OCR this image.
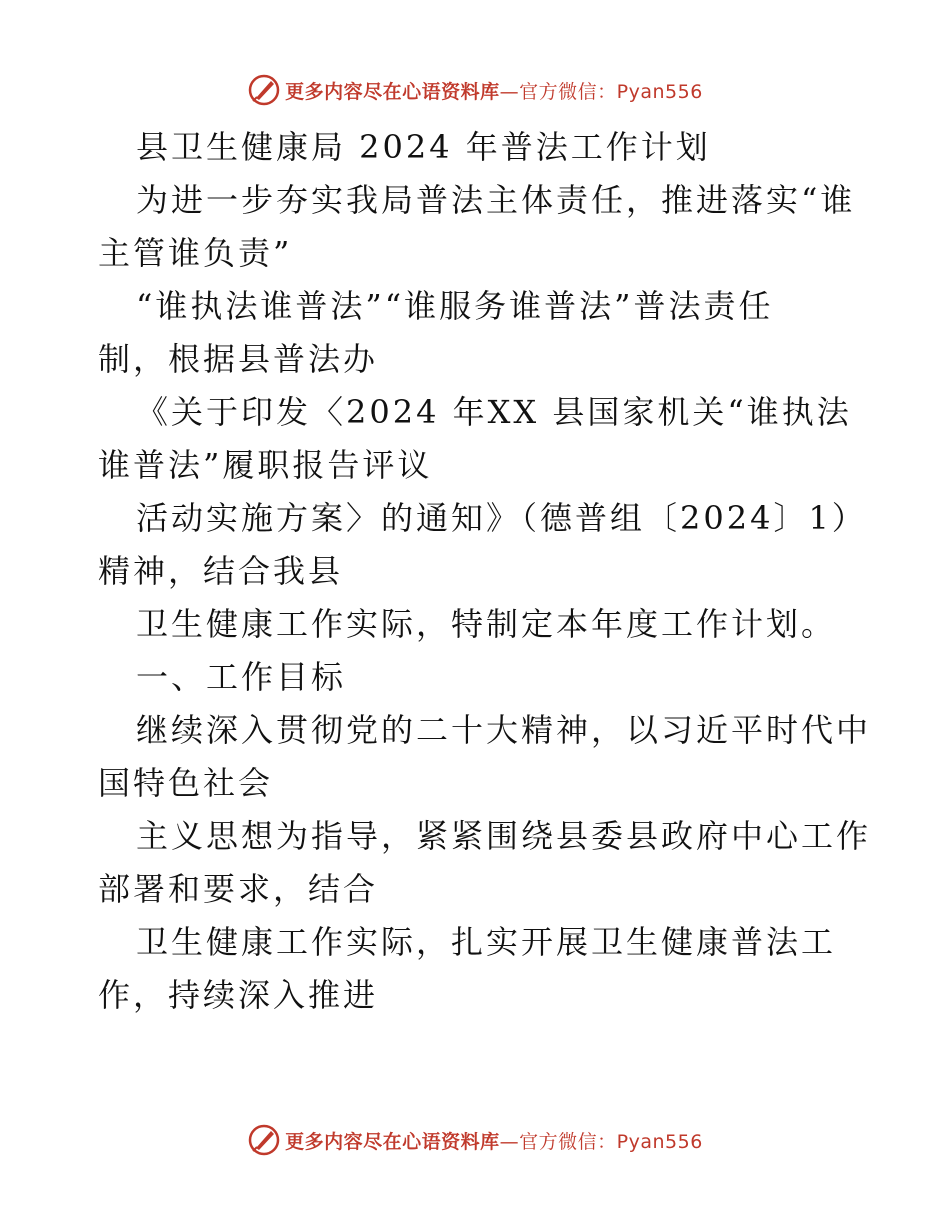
更多内容尽在心语资料库—官方微信：Pyan556
县卫生健康局 2024 年普法工作计划
为进一步夯实我局普法主体责任，推进落实“谁
主管谁负责”
“谁执法谁普法”“谁服务谁普法”普法责任
制，根据县普法办
《关于印发〈2024 年XX 县国家机关“谁执法
谁普法”履职报告评议
活动实施方案〉的通知》（德普组〔2024〕1）
精神，结合我县
卫生健康工作实际，特制定本年度工作计划。
一、工作目标
继续深入贯彻党的二十大精神，以习近平时代中
国特色社会
主义思想为指导，紧紧围绕县委县政府中心工作
部署和要求，结合
卫生健康工作实际，扎实开展卫生健康普法工
作，持续深入推进
更多内容尽在心语资料库—官方微信：Pyan556
